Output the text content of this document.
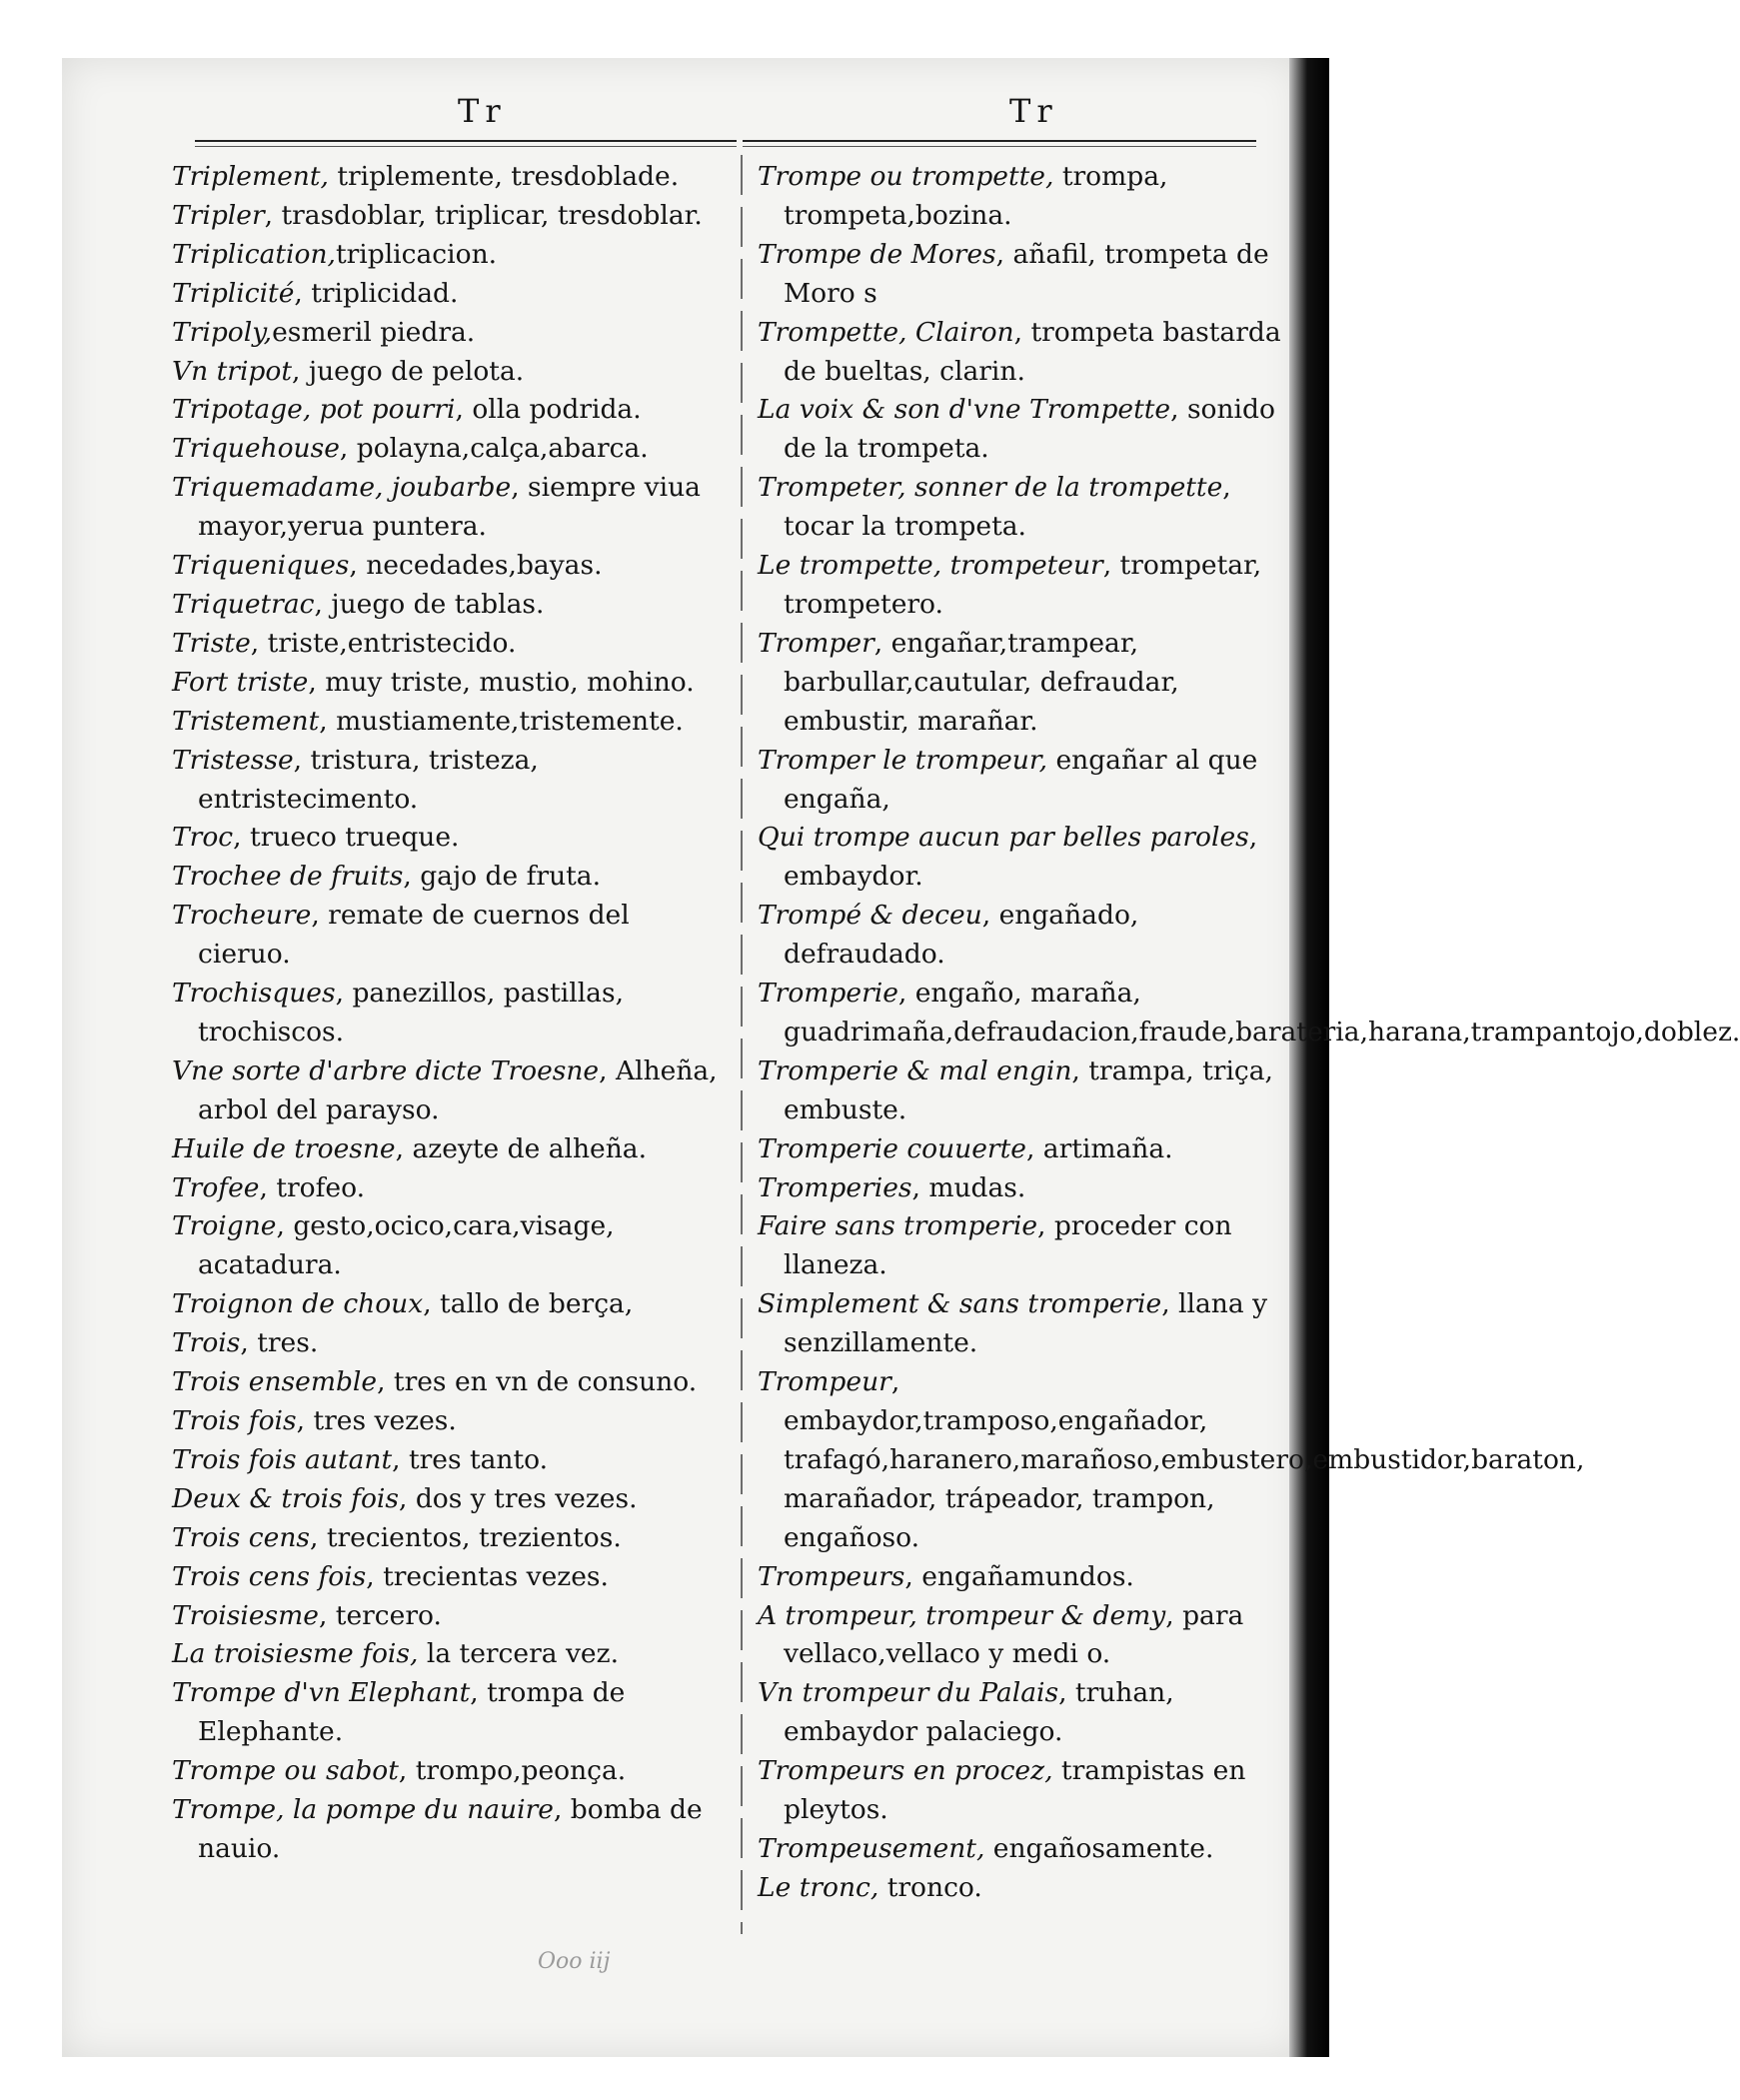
Tr	Tr
Triplement, triplemente, tresdoblade.
Tripler, trasdoblar, triplicar, tresdoblar.
Triplication,triplicacion.
Triplicité, triplicidad.
Tripoly,esmeril piedra.
Vn tripot, juego de pelota.
Tripotage, pot pourri, olla podrida.
Triquehouse, polayna,calça,abarca.
Triquemadame, joubarbe, siempre viua mayor,yerua puntera.
Triqueniques, necedades,bayas.
Triquetrac, juego de tablas.
Triste, triste,entristecido.
Fort triste, muy triste, mustio, mohino.
Tristement, mustiamente,tristemente.
Tristesse, tristura, tristeza, entristecimento.
Troc, trueco trueque.
Trochee de fruits, gajo de fruta.
Trocheure, remate de cuernos del cieruo.
Trochisques, panezillos, pastillas, trochiscos.
Vne sorte d'arbre dicte Troesne, Alheña, arbol del parayso.
Huile de troesne, azeyte de alheña.
Trofee, trofeo.
Troigne, gesto,ocico,cara,visage, acatadura.
Troignon de choux, tallo de berça,
Trois, tres.
Trois ensemble, tres en vn de consuno.
Trois fois, tres vezes.
Trois fois autant, tres tanto.
Deux & trois fois, dos y tres vezes.
Trois cens, trecientos, trezientos.
Trois cens fois, trecientas vezes.
Troisiesme, tercero.
La troisiesme fois, la tercera vez.
Trompe d'vn Elephant, trompa de Elephante.
Trompe ou sabot, trompo,peonça.
Trompe, la pompe du nauire, bomba de nauio.
Trompe ou trompette, trompa, trompeta,bozina.
Trompe de Mores, añafil, trompeta de Moro s
Trompette, Clairon, trompeta bastarda de bueltas, clarin.
La voix & son d'vne Trompette, sonido de la trompeta.
Trompeter, sonner de la trompette, tocar la trompeta.
Le trompette, trompeteur, trompetar, trompetero.
Tromper, engañar,trampear, barbullar,cautular, defraudar, embustir, marañar.
Tromper le trompeur, engañar al que engaña,
Qui trompe aucun par belles paroles, embaydor.
Trompé & deceu, engañado, defraudado.
Tromperie, engaño, maraña, guadrimaña,defraudacion,fraude,barateria,harana,trampantojo,doblez.
Tromperie & mal engin, trampa, triça, embuste.
Tromperie couuerte, artimaña.
Tromperies, mudas.
Faire sans tromperie, proceder con llaneza.
Simplement & sans tromperie, llana y senzillamente.
Trompeur, embaydor,tramposo,engañador, trafagó,haranero,marañoso,embustero,embustidor,baraton, marañador, trápeador, trampon, engañoso.
Trompeurs, engañamundos.
A trompeur, trompeur & demy, para vellaco,vellaco y medi o.
Vn trompeur du Palais, truhan, embaydor palaciego.
Trompeurs en procez, trampistas en pleytos.
Trompeusement, engañosamente.
Le tronc, tronco.
Ooo iij
